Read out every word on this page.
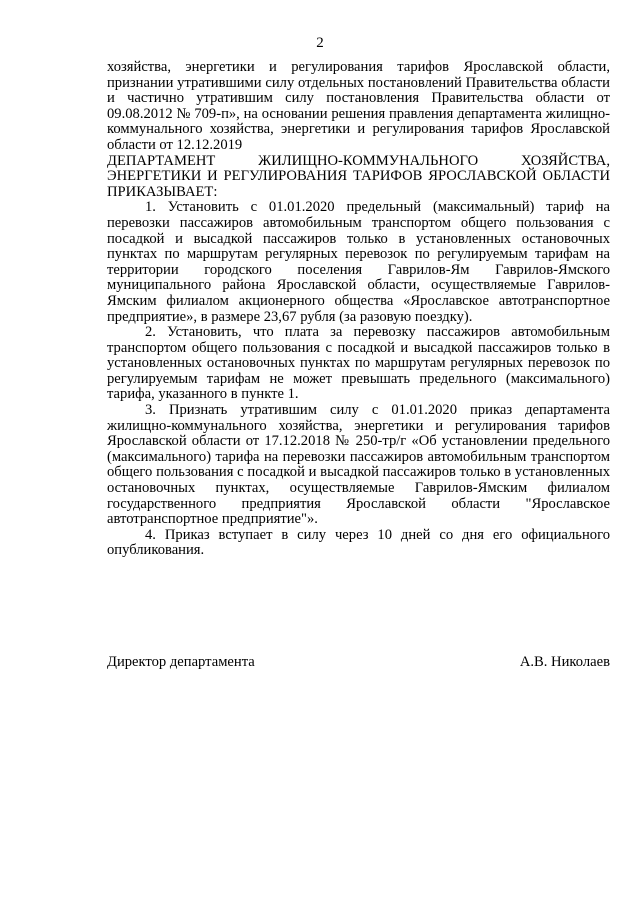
2

хозяйства, энергетики и регулирования тарифов Ярославской области, признании утратившими силу отдельных постановлений Правительства области и частично утратившим силу постановления Правительства области от 09.08.2012 № 709-п», на основании решения правления департамента жилищно-коммунального хозяйства, энергетики и регулирования тарифов Ярославской области от 12.12.2019

ДЕПАРТАМЕНТ ЖИЛИЩНО-КОММУНАЛЬНОГО ХОЗЯЙСТВА, ЭНЕРГЕТИКИ И РЕГУЛИРОВАНИЯ ТАРИФОВ ЯРОСЛАВСКОЙ ОБЛАСТИ ПРИКАЗЫВАЕТ:

1. Установить с 01.01.2020 предельный (максимальный) тариф на перевозки пассажиров автомобильным транспортом общего пользования с посадкой и высадкой пассажиров только в установленных остановочных пунктах по маршрутам регулярных перевозок по регулируемым тарифам на территории городского поселения Гаврилов-Ям Гаврилов-Ямского муниципального района Ярославской области, осуществляемые Гаврилов-Ямским филиалом акционерного общества «Ярославское автотранспортное предприятие», в размере 23,67 рубля (за разовую поездку).

2. Установить, что плата за перевозку пассажиров автомобильным транспортом общего пользования с посадкой и высадкой пассажиров только в установленных остановочных пунктах по маршрутам регулярных перевозок по регулируемым тарифам не может превышать предельного (максимального) тарифа, указанного в пункте 1.

3. Признать утратившим силу с 01.01.2020 приказ департамента жилищно-коммунального хозяйства, энергетики и регулирования тарифов Ярославской области от 17.12.2018 № 250-тр/г «Об установлении предельного (максимального) тарифа на перевозки пассажиров автомобильным транспортом общего пользования с посадкой и высадкой пассажиров только в установленных остановочных пунктах, осуществляемые Гаврилов-Ямским филиалом государственного предприятия Ярославской области "Ярославское автотранспортное предприятие"».

4. Приказ вступает в силу через 10 дней со дня его официального опубликования.

Директор департамента	А.В. Николаев
